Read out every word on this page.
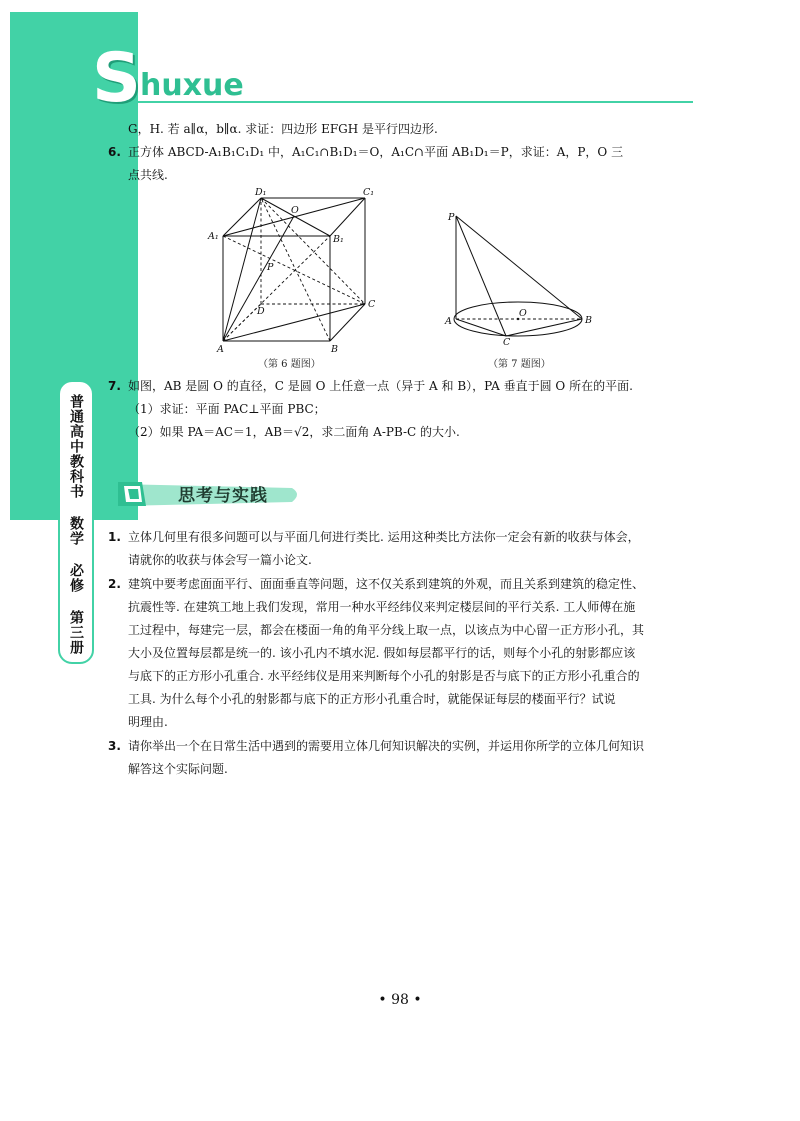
Shuxue
普通高中教科书 数学 必修 第三册
G，H. 若 a∥α，b∥α. 求证：四边形 EFGH 是平行四边形.
6. 正方体 ABCD-A₁B₁C₁D₁ 中，A₁C₁∩B₁D₁＝O，A₁C∩平面 AB₁D₁＝P，求证：A，P，O 三
点共线.
D₁	C₁
A₁	B₁
O
P
D
C
A	B
（第 6 题图）
P
A
O
B
C
（第 7 题图）
7. 如图，AB 是圆 O 的直径，C 是圆 O 上任意一点（异于 A 和 B），PA 垂直于圆 O 所在的平面.
（1）求证：平面 PAC⊥平面 PBC；
（2）如果 PA＝AC＝1，AB＝√2，求二面角 A-PB-C 的大小.
思考与实践
1. 立体几何里有很多问题可以与平面几何进行类比. 运用这种类比方法你一定会有新的收获与体会，
请就你的收获与体会写一篇小论文.
2. 建筑中要考虑面面平行、面面垂直等问题，这不仅关系到建筑的外观，而且关系到建筑的稳定性、
抗震性等. 在建筑工地上我们发现，常用一种水平经纬仪来判定楼层间的平行关系. 工人师傅在施
工过程中，每建完一层，都会在楼面一角的角平分线上取一点，以该点为中心留一正方形小孔，其
大小及位置每层都是统一的. 该小孔内不填水泥. 假如每层都平行的话，则每个小孔的射影都应该
与底下的正方形小孔重合. 水平经纬仪是用来判断每个小孔的射影是否与底下的正方形小孔重合的
工具. 为什么每个小孔的射影都与底下的正方形小孔重合时，就能保证每层的楼面平行？试说
明理由.
3. 请你举出一个在日常生活中遇到的需要用立体几何知识解决的实例，并运用你所学的立体几何知识
解答这个实际问题.
• 98 •
